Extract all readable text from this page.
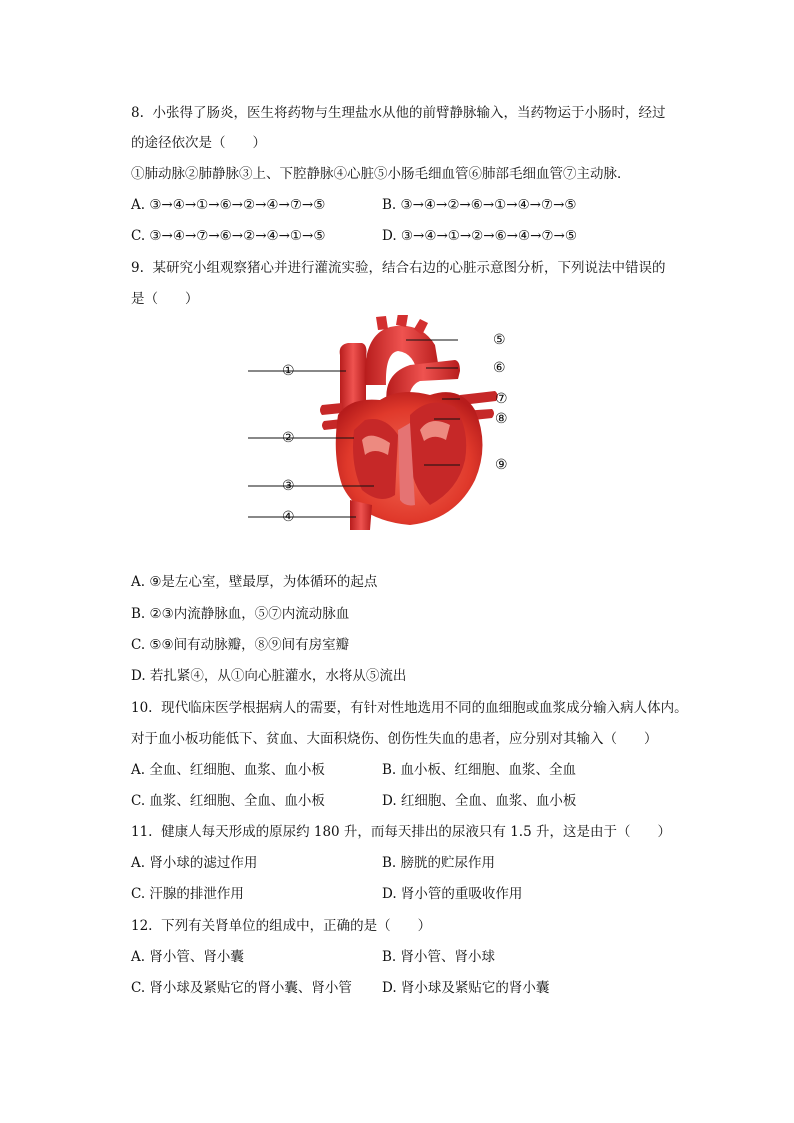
8. 小张得了肠炎，医生将药物与生理盐水从他的前臂静脉输入，当药物运于小肠时，经过
的途径依次是（　　）
①肺动脉②肺静脉③上、下腔静脉④心脏⑤小肠毛细血管⑥肺部毛细血管⑦主动脉．
A. ③→④→①→⑥→②→④→⑦→⑤	B. ③→④→②→⑥→①→④→⑦→⑤
C. ③→④→⑦→⑥→②→④→①→⑤	D. ③→④→①→②→⑥→④→⑦→⑤
9. 某研究小组观察猪心并进行灌流实验，结合右边的心脏示意图分析，下列说法中错误的
是（　　）
①
②
③
④
⑤
⑥
⑦
⑧
⑨
A. ⑨是左心室，壁最厚，为体循环的起点
B. ②③内流静脉血，⑤⑦内流动脉血
C. ⑤⑨间有动脉瓣，⑧⑨间有房室瓣
D. 若扎紧④，从①向心脏灌水，水将从⑤流出
10. 现代临床医学根据病人的需要，有针对性地选用不同的血细胞或血浆成分输入病人体内。
对于血小板功能低下、贫血、大面积烧伤、创伤性失血的患者，应分别对其输入（　　）
A. 全血、红细胞、血浆、血小板	B. 血小板、红细胞、血浆、全血
C. 血浆、红细胞、全血、血小板	D. 红细胞、全血、血浆、血小板
11. 健康人每天形成的原尿约 180 升，而每天排出的尿液只有 1.5 升，这是由于（　　）
A. 肾小球的滤过作用	B. 膀胱的贮尿作用
C. 汗腺的排泄作用	D. 肾小管的重吸收作用
12. 下列有关肾单位的组成中，正确的是（　　）
A. 肾小管、肾小囊	B. 肾小管、肾小球
C. 肾小球及紧贴它的肾小囊、肾小管 D. 肾小球及紧贴它的肾小囊
